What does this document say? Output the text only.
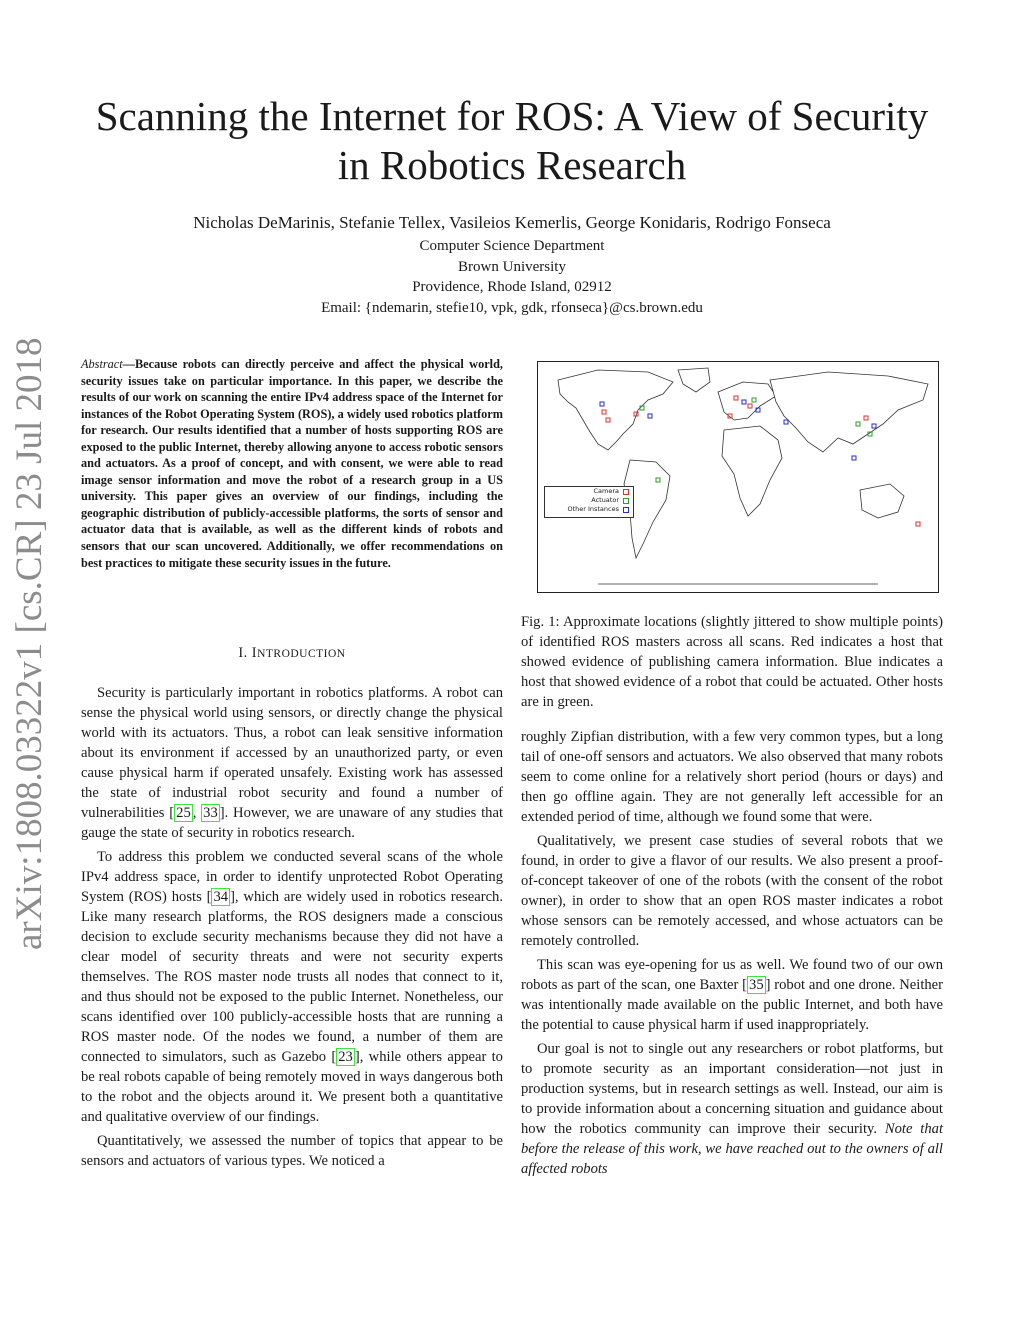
arXiv:1808.03322v1 [cs.CR] 23 Jul 2018
Scanning the Internet for ROS: A View of Security
in Robotics Research
Nicholas DeMarinis, Stefanie Tellex, Vasileios Kemerlis, George Konidaris, Rodrigo Fonseca
Computer Science Department
Brown University
Providence, Rhode Island, 02912
Email: {ndemarin, stefie10, vpk, gdk, rfonseca}@cs.brown.edu
Abstract—Because robots can directly perceive and affect the physical world, security issues take on particular importance. In this paper, we describe the results of our work on scanning the entire IPv4 address space of the Internet for instances of the Robot Operating System (ROS), a widely used robotics platform for research. Our results identified that a number of hosts supporting ROS are exposed to the public Internet, thereby allowing anyone to access robotic sensors and actuators. As a proof of concept, and with consent, we were able to read image sensor information and move the robot of a research group in a US university. This paper gives an overview of our findings, including the geographic distribution of publicly-accessible platforms, the sorts of sensor and actuator data that is available, as well as the different kinds of robots and sensors that our scan uncovered. Additionally, we offer recommendations on best practices to mitigate these security issues in the future.
I. INTRODUCTION

Security is particularly important in robotics platforms. A robot can sense the physical world using sensors, or directly change the physical world with its actuators. Thus, a robot can leak sensitive information about its environment if accessed by an unauthorized party, or even cause physical harm if operated unsafely. Existing work has assessed the state of industrial robot security and found a number of vulnerabilities [ 25 , 33 ]. However, we are unaware of any studies that gauge the state of security in robotics research.

To address this problem we conducted several scans of the whole IPv4 address space, in order to identify unprotected Robot Operating System (ROS) hosts [ 34 ], which are widely used in robotics research. Like many research platforms, the ROS designers made a conscious decision to exclude security mechanisms because they did not have a clear model of security threats and were not security experts themselves. The ROS master node trusts all nodes that connect to it, and thus should not be exposed to the public Internet. Nonetheless, our scans identified over 100 publicly-accessible hosts that are running a ROS master node. Of the nodes we found, a number of them are connected to simulators, such as Gazebo [ 23 ], while others appear to be real robots capable of being remotely moved in ways dangerous both to the robot and the objects around it. We present both a quantitative and qualitative overview of our findings.

Quantitatively, we assessed the number of topics that appear to be sensors and actuators of various types. We noticed a

Camera
Actuator
Other Instances
Fig. 1: Approximate locations (slightly jittered to show multiple points) of identified ROS masters across all scans. Red indicates a host that showed evidence of publishing camera information. Blue indicates a host that showed evidence of a robot that could be actuated. Other hosts are in green.

roughly Zipfian distribution, with a few very common types, but a long tail of one-off sensors and actuators. We also observed that many robots seem to come online for a relatively short period (hours or days) and then go offline again. They are not generally left accessible for an extended period of time, although we found some that were.

Qualitatively, we present case studies of several robots that we found, in order to give a flavor of our results. We also present a proof-of-concept takeover of one of the robots (with the consent of the robot owner), in order to show that an open ROS master indicates a robot whose sensors can be remotely accessed, and whose actuators can be remotely controlled.

This scan was eye-opening for us as well. We found two of our own robots as part of the scan, one Baxter [ 35 ] robot and one drone. Neither was intentionally made available on the public Internet, and both have the potential to cause physical harm if used inappropriately.

Our goal is not to single out any researchers or robot platforms, but to promote security as an important consideration—not just in production systems, but in research settings as well. Instead, our aim is to provide information about a concerning situation and guidance about how the robotics community can improve their security. Note that before the release of this work, we have reached out to the owners of all affected robots
